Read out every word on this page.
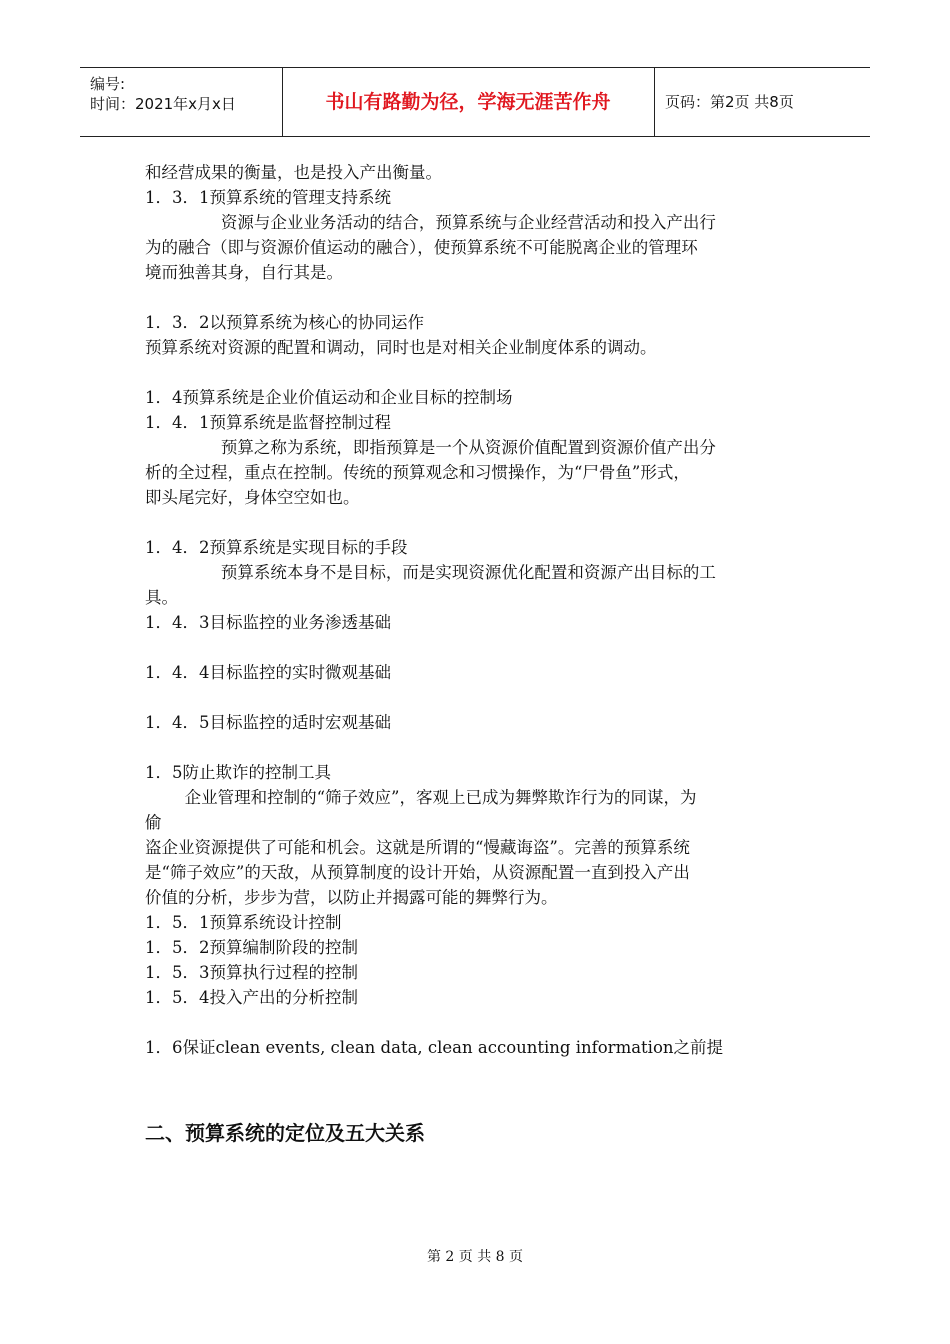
编号:
时间：2021年x月x日	书山有路勤为径，学海无涯苦作舟	页码：第2页 共8页

和经营成果的衡量，也是投入产出衡量。

1．3．1预算系统的管理支持系统

资源与企业业务活动的结合，预算系统与企业经营活动和投入产出行

为的融合（即与资源价值运动的融合），使预算系统不可能脱离企业的管理环

境而独善其身，自行其是。

1．3．2以预算系统为核心的协同运作

预算系统对资源的配置和调动，同时也是对相关企业制度体系的调动。

1．4预算系统是企业价值运动和企业目标的控制场

1．4．1预算系统是监督控制过程

预算之称为系统，即指预算是一个从资源价值配置到资源价值产出分

析的全过程，重点在控制。传统的预算观念和习惯操作，为“尸骨鱼”形式，

即头尾完好，身体空空如也。

1．4．2预算系统是实现目标的手段

预算系统本身不是目标，而是实现资源优化配置和资源产出目标的工

具。

1．4．3目标监控的业务渗透基础

1．4．4目标监控的实时微观基础

1．4．5目标监控的适时宏观基础

1．5防止欺诈的控制工具

企业管理和控制的“筛子效应”，客观上已成为舞弊欺诈行为的同谋，为

偷

盗企业资源提供了可能和机会。这就是所谓的“慢藏诲盗”。完善的预算系统

是“筛子效应”的天敌，从预算制度的设计开始，从资源配置一直到投入产出

价值的分析，步步为营，以防止并揭露可能的舞弊行为。

1．5．1预算系统设计控制

1．5．2预算编制阶段的控制

1．5．3预算执行过程的控制

1．5．4投入产出的分析控制

1．6保证clean events, clean data, clean accounting information之前提

二、预算系统的定位及五大关系
第 2 页 共 8 页
